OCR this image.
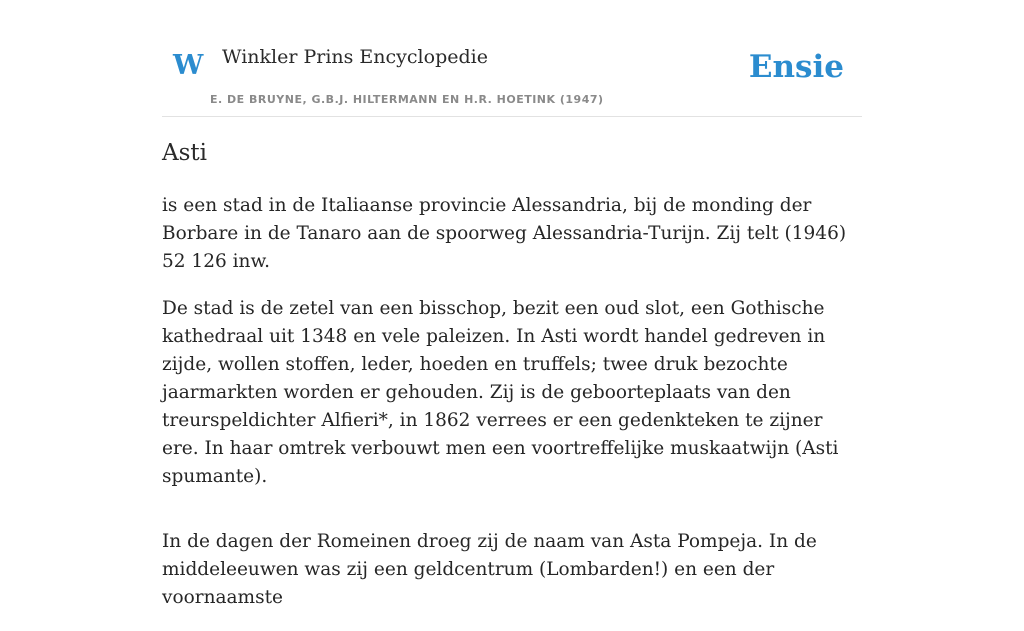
W Winkler Prins Encyclopedie
E. DE BRUYNE, G.B.J. HILTERMANN EN H.R. HOETINK (1947)
Ensie
Asti

is een stad in de Italiaanse provincie Alessandria, bij de monding der Borbare in de Tanaro aan de spoorweg Alessandria-Turijn. Zij telt (1946) 52 126 inw.

De stad is de zetel van een bisschop, bezit een oud slot, een Gothische kathedraal uit 1348 en vele paleizen. In Asti wordt handel gedreven in zijde, wollen stoffen, leder, hoeden en truffels; twee druk bezochte jaarmarkten worden er gehouden. Zij is de geboorteplaats van den treurspeldichter Alfieri*, in 1862 verrees er een gedenkteken te zijner ere. In haar omtrek verbouwt men een voortreffelijke muskaatwijn (Asti spumante).

In de dagen der Romeinen droeg zij de naam van Asta Pompeja. In de middeleeuwen was zij een geldcentrum (Lombarden!) en een der voornaamste
